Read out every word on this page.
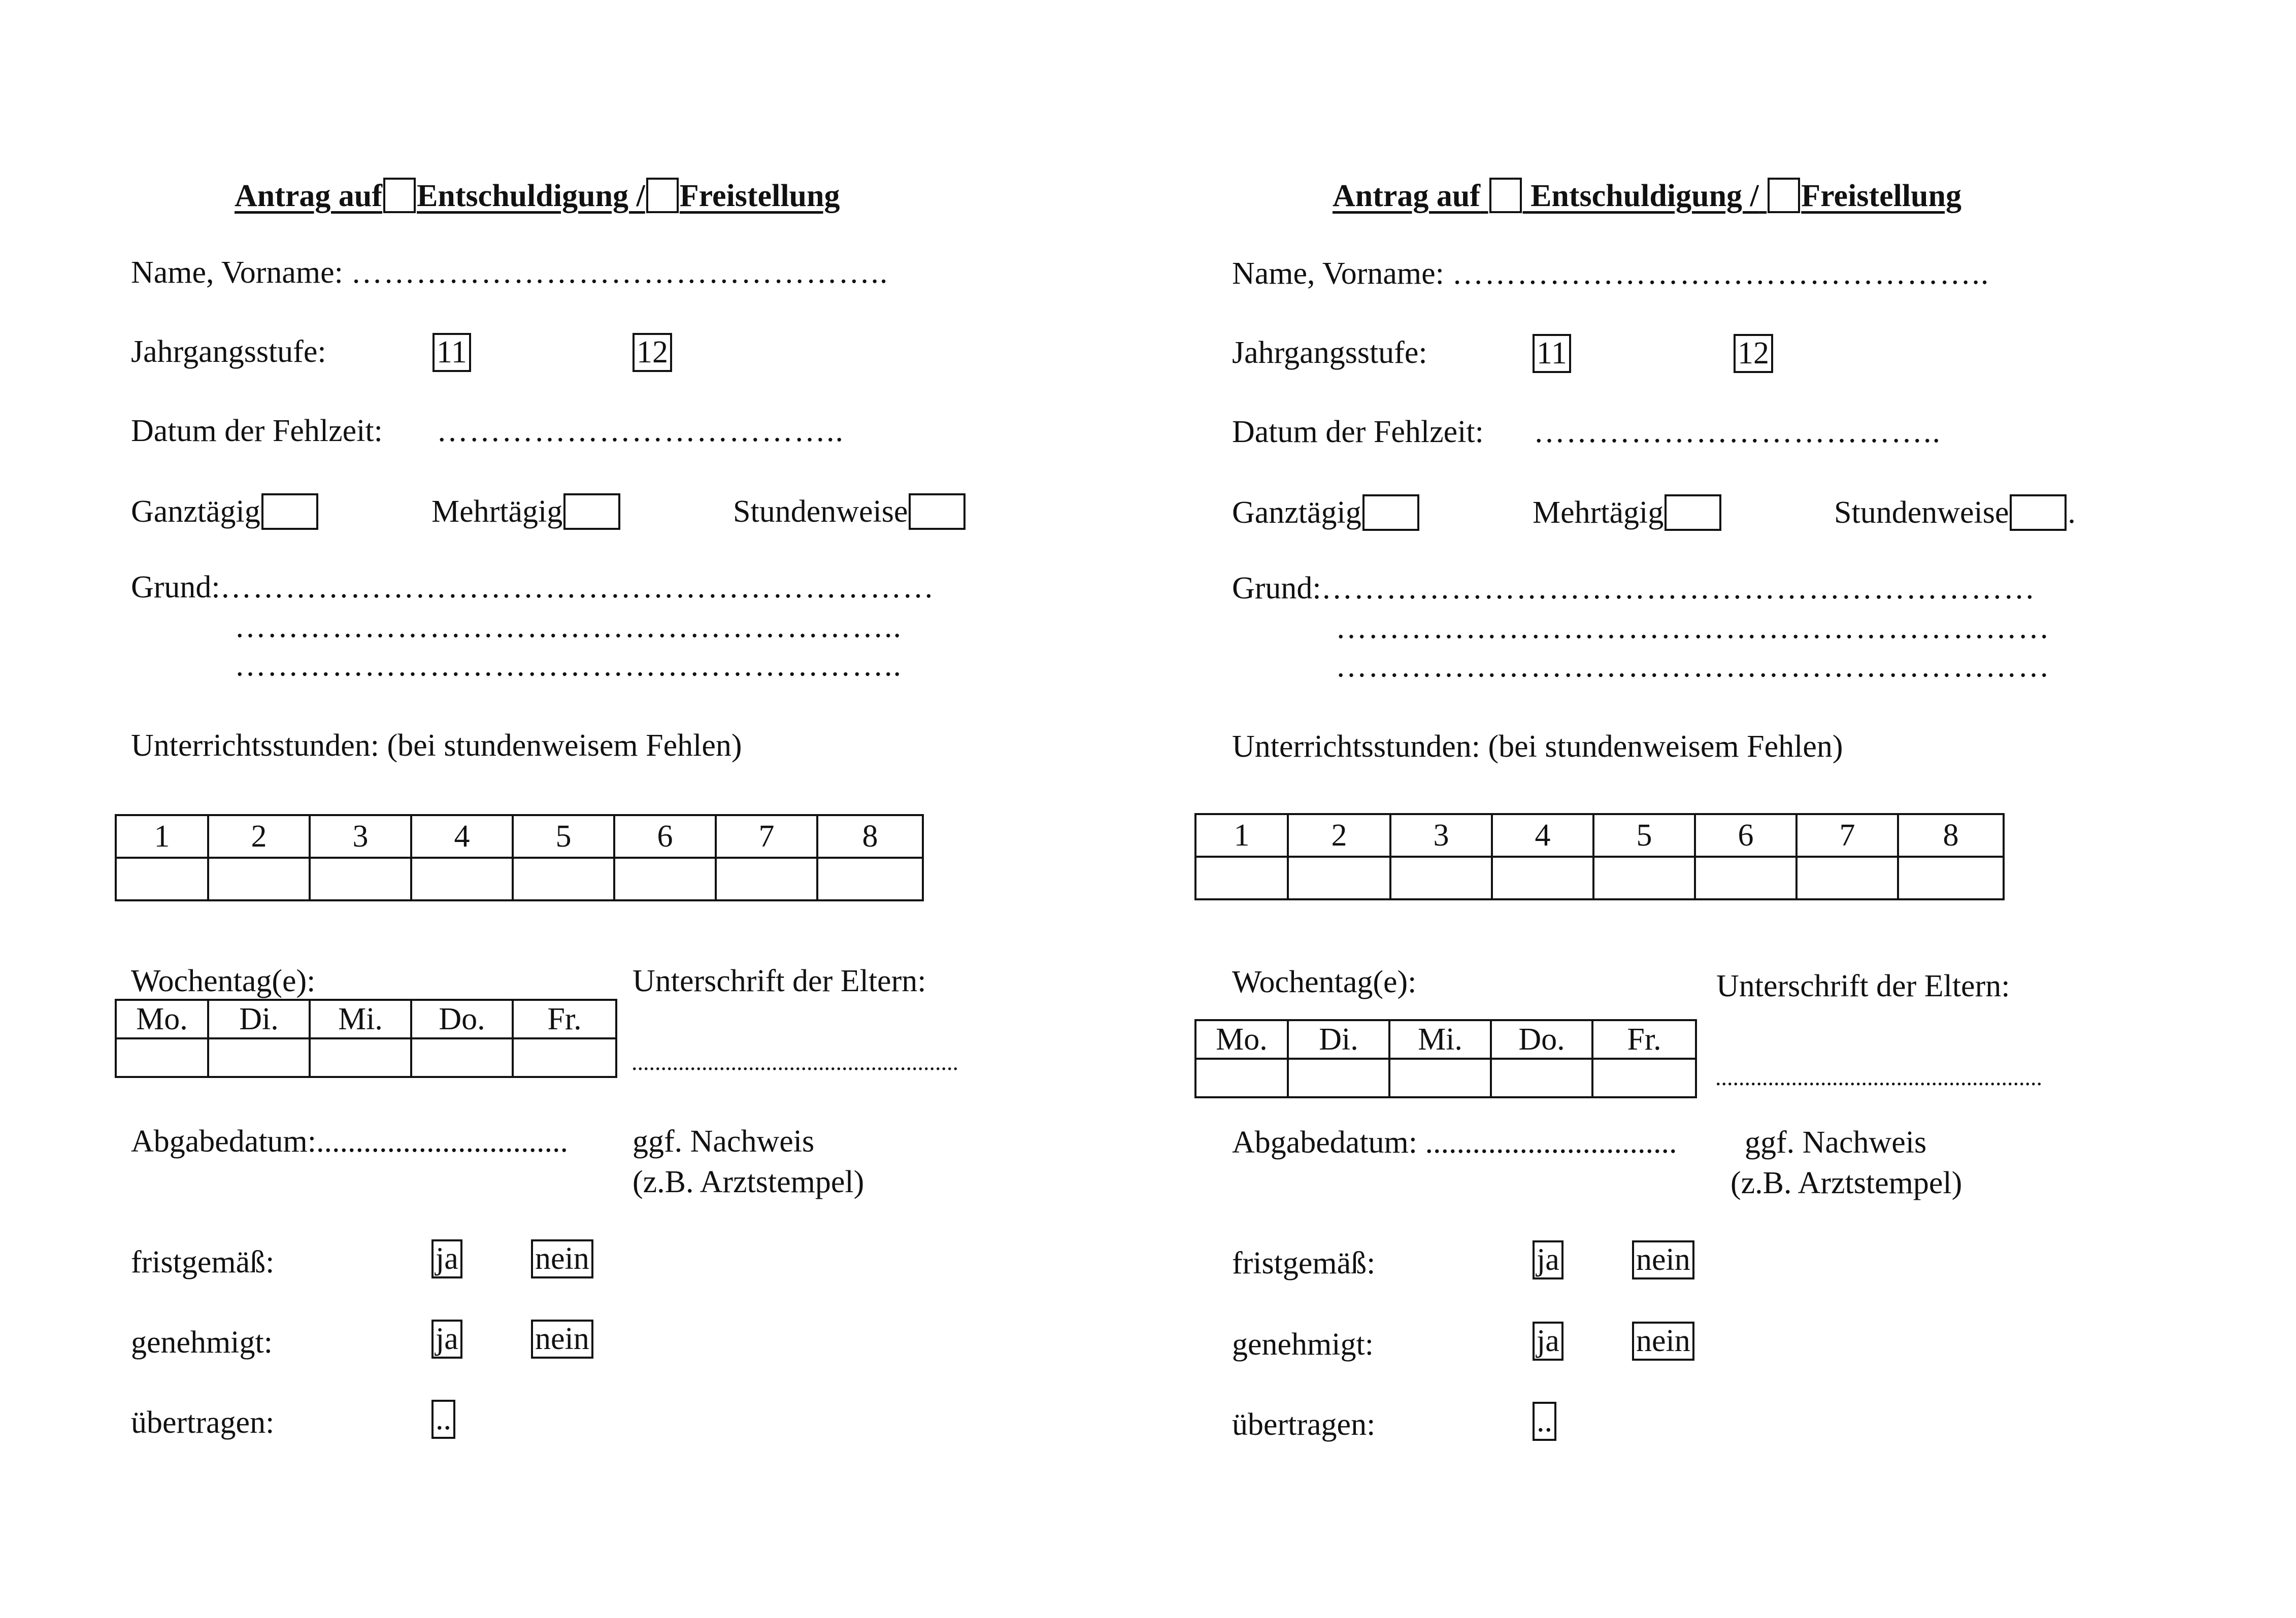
Antrag auf Entschuldigung / Freistellung
Name, Vorname: …………………………………………..
Jahrgangsstufe:	11	12
Datum der Fehlzeit: ………………………………..
Ganztägig	Mehrtägig	Stundenweise
Grund:…………………………………………………………
……………………………………………………..
……………………………………………………..
Unterrichtsstunden: (bei stundenweisem Fehlen)
1	2	3	4	5	6	7	8

Wochentag(e):
Mo.	Di.	Mi.	Do.	Fr.

Unterschrift der Eltern:
........................................................
Abgabedatum:................................ ggf. Nachweis
(z.B. Arztstempel)
fristgemäß:	ja nein
genehmigt:	ja nein
übertragen:	..
Antrag auf Entschuldigung / Freistellung
Name, Vorname: …………………………………………..
Jahrgangsstufe:	11	12
Datum der Fehlzeit: ………………………………..
Ganztägig	Mehrtägig	Stundenweise .
Grund:…………………………………………………………
…………………………………………………………
…………………………………………………………
Unterrichtsstunden: (bei stundenweisem Fehlen)
1	2	3	4	5	6	7	8

Wochentag(e):
Mo.	Di.	Mi.	Do.	Fr.

Unterschrift der Eltern:
........................................................
Abgabedatum: ................................ ggf. Nachweis
(z.B. Arztstempel)
fristgemäß:	ja nein
genehmigt:	ja nein
übertragen:	..
